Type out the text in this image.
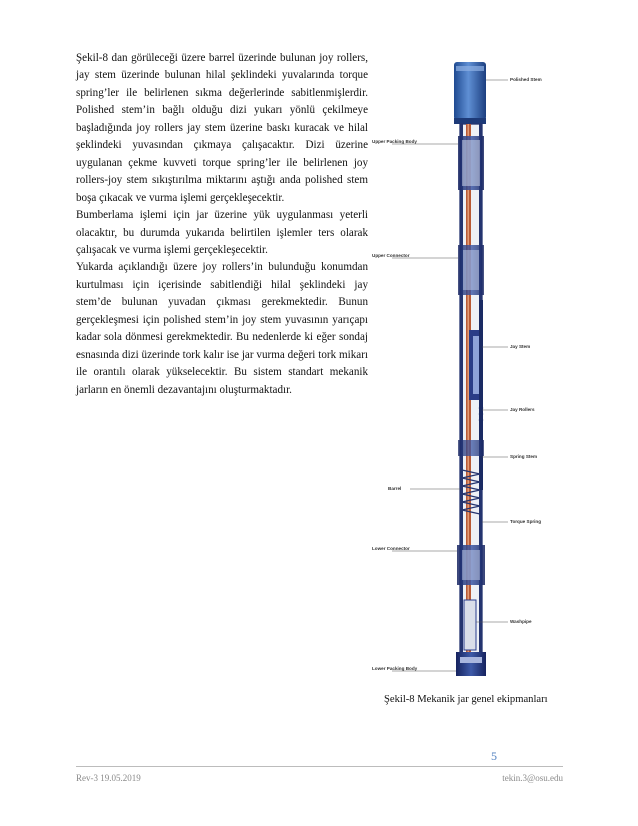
Şekil-8 dan görüleceği üzere barrel üzerinde bulunan joy rollers, jay stem üzerinde bulunan hilal şeklindeki yuvalarında torque spring’ler ile belirlenen sıkma değerlerinde sabitlenmişlerdir. Polished stem’in bağlı olduğu dizi yukarı yönlü çekilmeye başladığında joy rollers jay stem üzerine baskı kuracak ve hilal şeklindeki yuvasından çıkmaya çalışacaktır. Dizi üzerine uygulanan çekme kuvveti torque spring’ler ile belirlenen joy rollers-joy stem sıkıştırılma miktarını aştığı anda polished stem boşa çıkacak ve vurma işlemi gerçekleşecektir.

Bumberlama işlemi için jar üzerine yük uygulanması yeterli olacaktır, bu durumda yukarıda belirtilen işlemler ters olarak çalışacak ve vurma işlemi gerçekleşecektir.

Yukarda açıklandığı üzere joy rollers’in bulunduğu konumdan kurtulması için içerisinde sabitlendiği hilal şeklindeki jay stem’de bulunan yuvadan çıkması gerekmektedir. Bunun gerçekleşmesi için polished stem’in joy stem yuvasının yarıçapı kadar sola dönmesi gerekmektedir. Bu nedenlerde ki eğer sondaj esnasında dizi üzerinde tork kalır ise jar vurma değeri tork mikarı ile orantılı olarak yükselecektir. Bu sistem standart mekanik jarların en önemli dezavantajını oluşturmaktadır.

Polished Stem
Upper Packing Body
Upper Connector
Jay Stem
Jay Rollers
Spring Stem
Barrel
Torque Spring
Lower Connector
Washpipe
Lower Packing Body
Şekil-8 Mekanik jar genel ekipmanları
5
Rev-3 19.05.2019	tekin.3@osu.edu
